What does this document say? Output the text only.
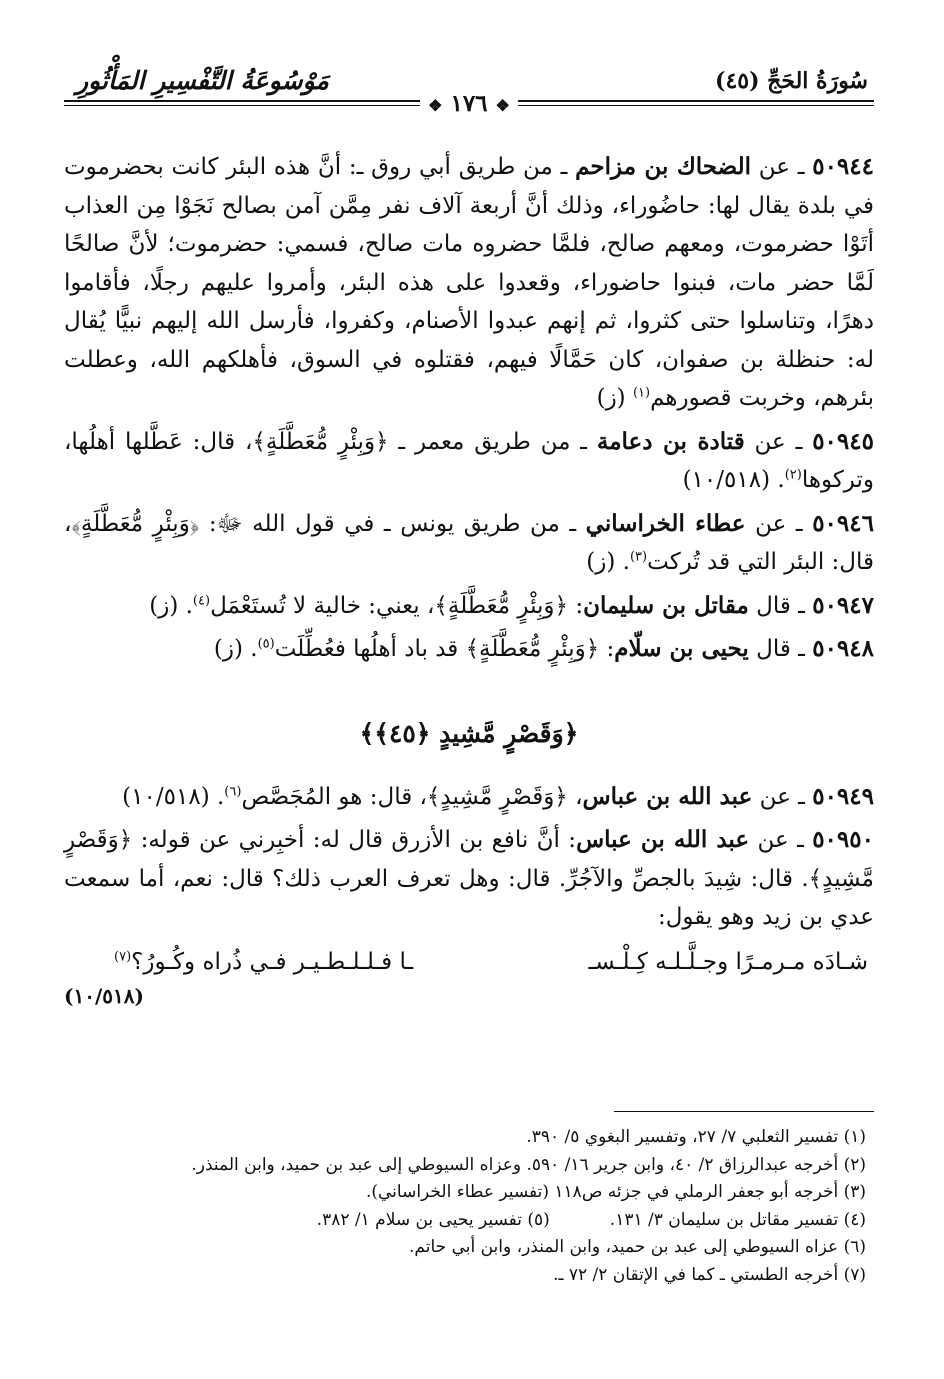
سُورَةُ الحَجِّ (٤٥)
❖ ١٧٦ ❖
مَوْسُوعَةُ التَّفْسِيرِ المَأْثُورِ

٥٠٩٤٤ ـ عن الضحاك بن مزاحم ـ من طريق أبي روق ـ: أنَّ هذه البئر كانت بحضرموت في بلدة يقال لها: حاضُوراء، وذلك أنَّ أربعة آلاف نفر مِمَّن آمن بصالح نَجَوْا مِن العذاب أتَوْا حضرموت، ومعهم صالح، فلمَّا حضروه مات صالح، فسمي: حضرموت؛ لأنَّ صالحًا لَمَّا حضر مات، فبنوا حاضوراء، وقعدوا على هذه البئر، وأمروا عليهم رجلًا، فأقاموا دهرًا، وتناسلوا حتى كثروا، ثم إنهم عبدوا الأصنام، وكفروا، فأرسل الله إليهم نبيًّا يُقال له: حنظلة بن صفوان، كان حَمَّالًا فيهم، فقتلوه في السوق، فأهلكهم الله، وعطلت بئرهم، وخربت قصورهم$^{(١)}$ (ز)

٥٠٩٤٥ ـ عن قتادة بن دعامة ـ من طريق معمر ـ ﴿وَبِئْرٍ مُّعَطَّلَةٍ﴾، قال: عَطَّلها أهلُها، وتركوها$^{(٢)}$. (١٠/٥١٨)

٥٠٩٤٦ ـ عن عطاء الخراساني ـ من طريق يونس ـ في قول الله ﷻ: ﴿وَبِئْرٍ مُّعَطَّلَةٍ﴾، قال: البئر التي قد تُركت$^{(٣)}$. (ز)

٥٠٩٤٧ ـ قال مقاتل بن سليمان: ﴿وَبِئْرٍ مُّعَطَّلَةٍ﴾، يعني: خالية لا تُستَعْمَل$^{(٤)}$. (ز)

٥٠٩٤٨ ـ قال يحيى بن سلّام: ﴿وَبِئْرٍ مُّعَطَّلَةٍ﴾ قد باد أهلُها فعُطِّلَت$^{(٥)}$. (ز)

﴿وَقَصْرٍ مَّشِيدٍ ﴿٤٥﴾﴾

٥٠٩٤٩ ـ عن عبد الله بن عباس، ﴿وَقَصْرٍ مَّشِيدٍ﴾، قال: هو المُجَصَّص$^{(٦)}$. (١٠/٥١٨)

٥٠٩٥٠ ـ عن عبد الله بن عباس: أنَّ نافع بن الأزرق قال له: أخبِرني عن قوله: ﴿وَقَصْرٍ مَّشِيدٍ﴾. قال: شِيدَ بالجصِّ والآجُرِّ. قال: وهل تعرف العرب ذلك؟ قال: نعم، أما سمعت عدي بن زيد وهو يقول:

شـادَه مـرمـرًا وجـلَّـلـه كِـلْـسـ
ـا فـلـلـطـيـر فـي ذُراه وكُـورُ؟$^{(٧)}$
(١٠/٥١٨)
(١) تفسير الثعلبي ٧/ ٢٧، وتفسير البغوي ٥/ ٣٩٠.
(٢) أخرجه عبدالرزاق ٢/ ٤٠، وابن جرير ١٦/ ٥٩٠. وعزاه السيوطي إلى عبد بن حميد، وابن المنذر.
(٣) أخرجه أبو جعفر الرملي في جزئه ص١١٨ (تفسير عطاء الخراساني).
(٤) تفسير مقاتل بن سليمان ٣/ ١٣١.
(٥) تفسير يحيى بن سلام ١/ ٣٨٢.
(٦) عزاه السيوطي إلى عبد بن حميد، وابن المنذر، وابن أبي حاتم.
(٧) أخرجه الطستي ـ كما في الإتقان ٢/ ٧٢ ـ.
